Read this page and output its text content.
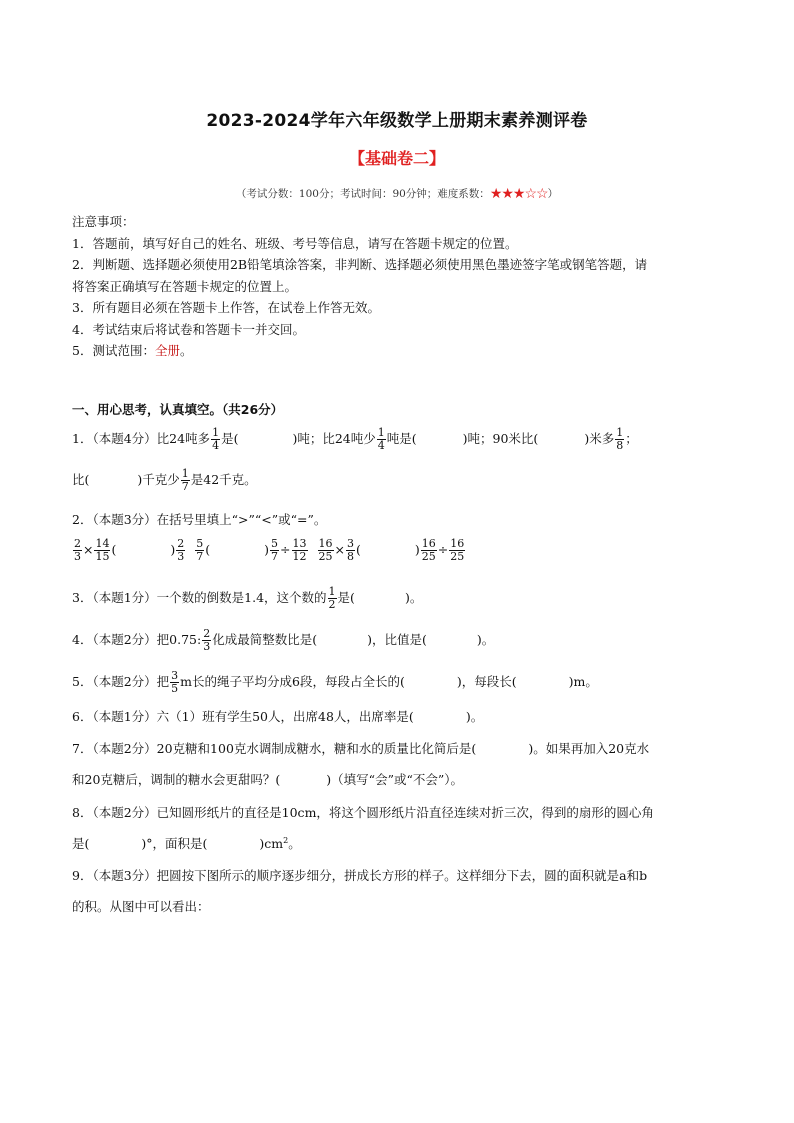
2023-2024学年六年级数学上册期末素养测评卷
【基础卷二】
（考试分数：100分；考试时间：90分钟；难度系数：★★★☆☆）
注意事项：
1．答题前，填写好自己的姓名、班级、考号等信息，请写在答题卡规定的位置。
2．判断题、选择题必须使用2B铅笔填涂答案，非判断、选择题必须使用黑色墨迹签字笔或钢笔答题，请
将答案正确填写在答题卡规定的位置上。
3．所有题目必须在答题卡上作答，在试卷上作答无效。
4．考试结束后将试卷和答题卡一并交回。
5．测试范围：全册。
一、用心思考，认真填空。（共26分）
1．（本题4分）比24吨多 $\frac{1}{4}$ 是(	)吨；比24吨少 $\frac{1}{4}$ 吨是(	)吨；90米比(	)米多 $\frac{1}{8}$ ；
比(	)千克少 $\frac{1}{7}$ 是42千克。
2．（本题3分）在括号里填上“>”“<”或“=”。
$\frac{2}{3} \times \frac{14}{15}$ (	) $\frac{2}{3} \frac{5}{7}$ (	) $\frac{5}{7} \div \frac{13}{12} \frac{16}{25} \times \frac{3}{8}$ (	) $\frac{16}{25} \div \frac{16}{25}$
3．（本题1分）一个数的倒数是1.4，这个数的 $\frac{1}{2}$ 是(	)。
4．（本题2分）把0.75: $\frac{2}{3}$ 化成最简整数比是(	)，比值是(	)。
5．（本题2分）把 $\frac{3}{5}$ m长的绳子平均分成6段，每段占全长的(	)，每段长(	)m。
6．（本题1分）六（1）班有学生50人，出席48人，出席率是(	)。
7．（本题2分）20克糖和100克水调制成糖水，糖和水的质量比化简后是(	)。如果再加入20克水
和20克糖后，调制的糖水会更甜吗？(	)（填写“会”或“不会”）。
8．（本题2分）已知圆形纸片的直径是10cm，将这个圆形纸片沿直径连续对折三次，得到的扇形的圆心角
是(	)°，面积是(	)$cm^2$。
9．（本题3分）把圆按下图所示的顺序逐步细分，拼成长方形的样子。这样细分下去，圆的面积就是a和b
的积。从图中可以看出：
